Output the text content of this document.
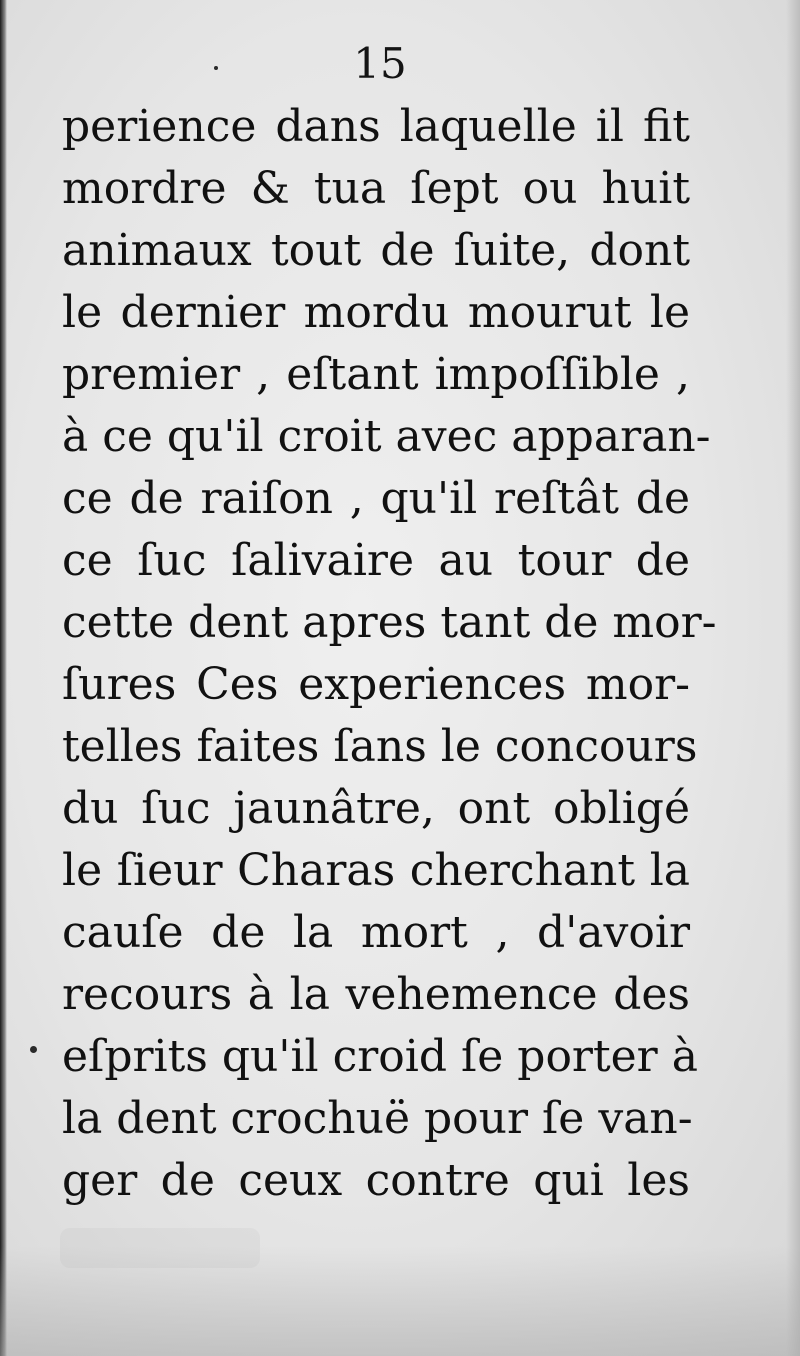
15

perience dans laquelle il fit
mordre & tua ſept ou huit
animaux tout de ſuite, dont
le dernier mordu mourut le
premier , eſtant impoſſible ,
à ce qu'il croit avec apparan-
ce de raiſon , qu'il reſtât de
ce ſuc ſalivaire au tour de
cette dent apres tant de mor-
ſures Ces experiences mor-
telles faites ſans le concours
du ſuc jaunâtre, ont obligé
le ſieur Charas cherchant la
cauſe de la mort , d'avoir
recours à la vehemence des
eſprits qu'il croid ſe porter à
la dent crochuë pour ſe van-
ger de ceux contre qui les
